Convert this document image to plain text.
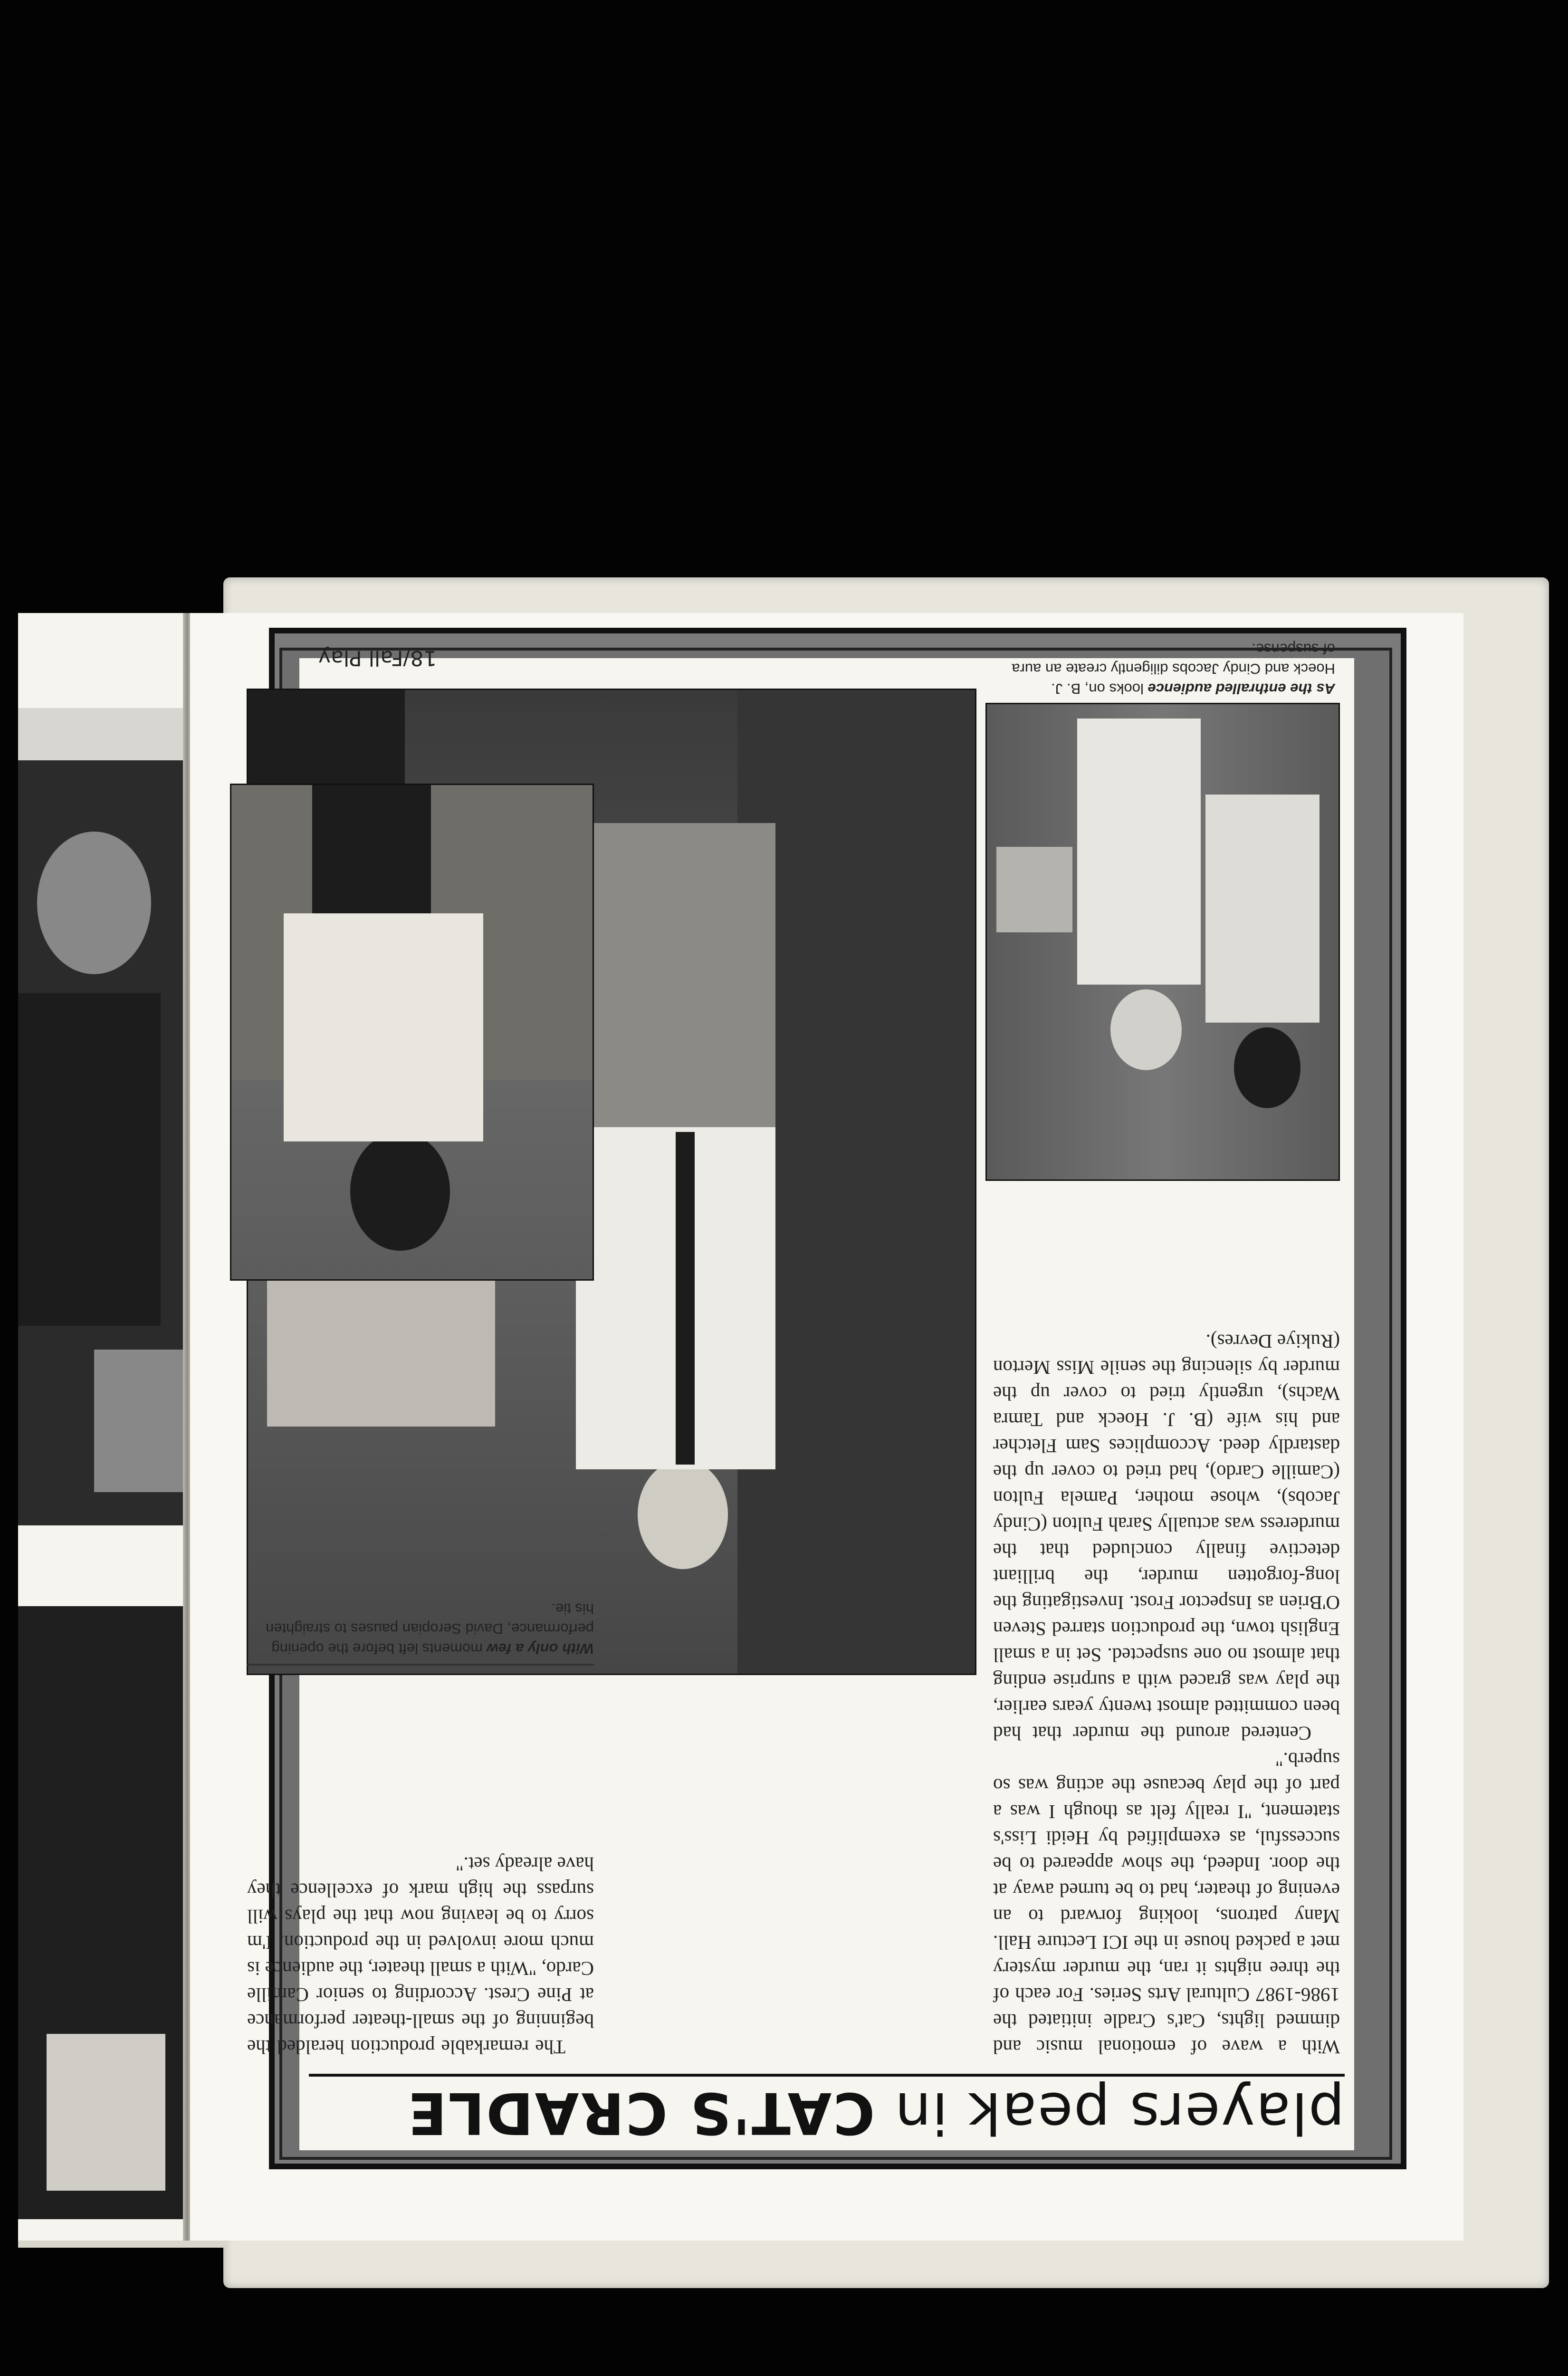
players peak in CAT'S CRADLE

With a wave of emotional music and dimmed lights, Cat's Cradle initiated the 1986-1987 Cultural Arts Series. For each of the three nights it ran, the murder mystery met a packed house in the ICI Lecture Hall. Many patrons, looking forward to an evening of theater, had to be turned away at the door. Indeed, the show appeared to be successful, as exemplified by Heidi Liss's statement, "I really felt as though I was a part of the play because the acting was so superb."

Centered around the murder that had been committed almost twenty years earlier, the play was graced with a surprise ending that almost no one suspected. Set in a small English town, the production starred Steven O'Brien as Inspector Frost. Investigating the long-forgotten murder, the brilliant detective finally concluded that the murderess was actually Sarah Fulton (Cindy Jacobs), whose mother, Pamela Fulton (Camille Cardo), had tried to cover up the dastardly deed. Accomplices Sam Fletcher and his wife (B. J. Hoeck and Tamra Wachs), urgently tried to cover up the murder by silencing the senile Miss Merton (Rukiye Devres).

The remarkable production heralded the beginning of the small-theater performance at Pine Crest. According to senior Camille Cardo, "With a small theater, the audience is much more involved in the production. I'm sorry to be leaving now that the plays will surpass the high mark of excellence they have already set."

As the enthralled audience looks on, B. J. Hoeck and Cindy Jacobs diligently create an aura of suspense.
With only a few moments left before the opening performance, David Seropian pauses to straighten his tie.
18/Fall Play
